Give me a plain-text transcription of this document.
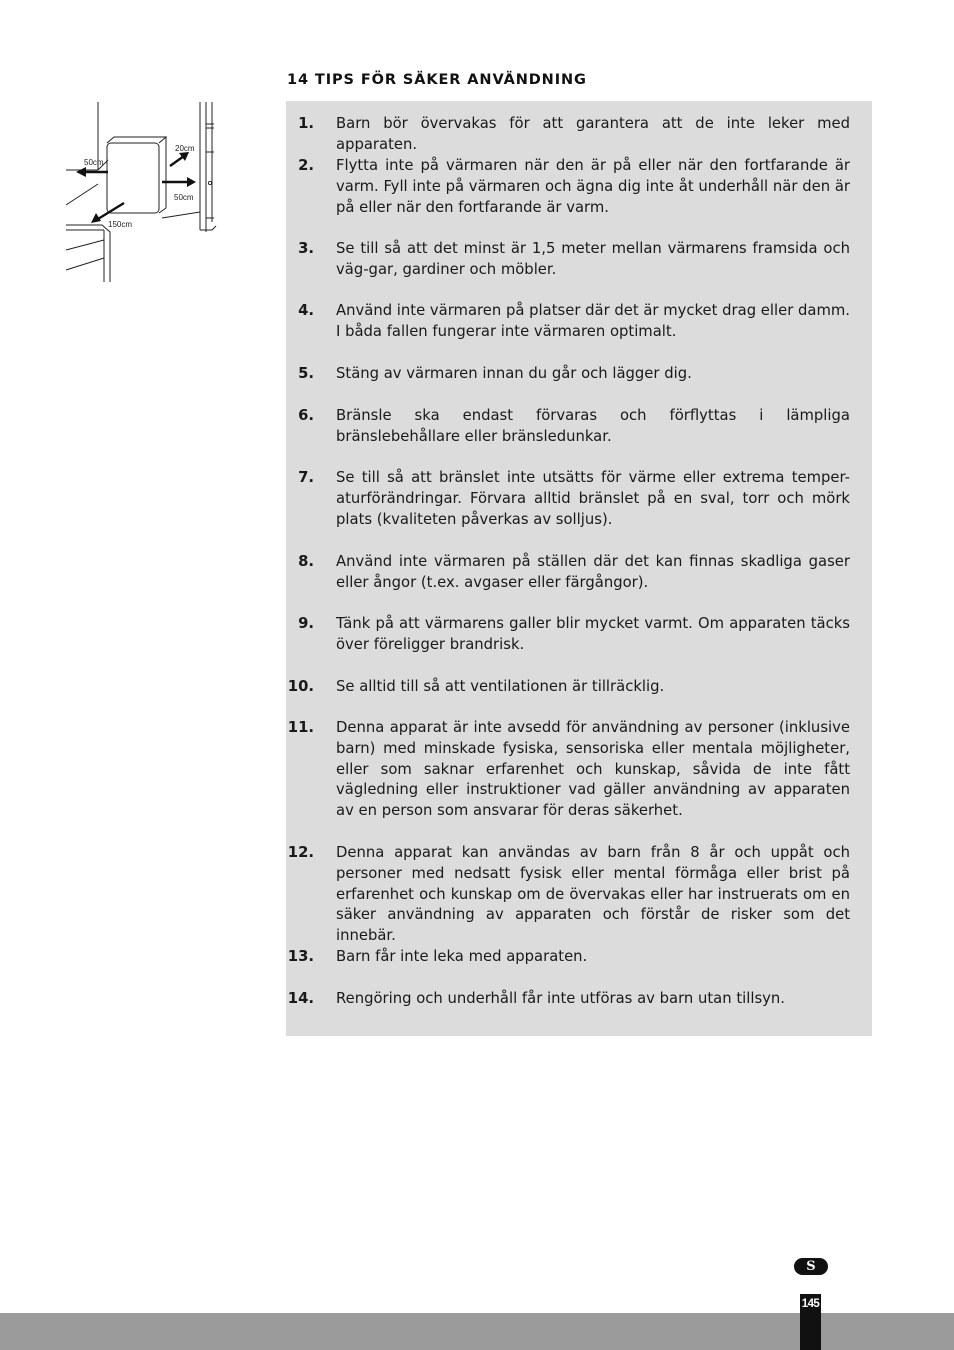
14 TIPS FÖR SÄKER ANVÄNDNING
50cm
20cm
50cm
150cm
1. Barn bör övervakas för att garantera att de inte leker med apparaten.
2. Flytta inte på värmaren när den är på eller när den fortfarande är varm. Fyll inte på värmaren och ägna dig inte åt underhåll när den är på eller när den fortfarande är varm.
3. Se till så att det minst är 1,5 meter mellan värmarens framsida och väg-gar, gardiner och möbler.
4. Använd inte värmaren på platser där det är mycket drag eller damm. I båda fallen fungerar inte värmaren optimalt.
5. Stäng av värmaren innan du går och lägger dig.
6. Bränsle ska endast förvaras och förflyttas i lämpliga bränslebehållare eller bränsledunkar.
7. Se till så att bränslet inte utsätts för värme eller extrema temper-aturförändringar. Förvara alltid bränslet på en sval, torr och mörk plats (kvaliteten påverkas av solljus).
8. Använd inte värmaren på ställen där det kan finnas skadliga gaser eller ångor (t.ex. avgaser eller färgångor).
9. Tänk på att värmarens galler blir mycket varmt. Om apparaten täcks över föreligger brandrisk.
10. Se alltid till så att ventilationen är tillräcklig.
11. Denna apparat är inte avsedd för användning av personer (inklusive barn) med minskade fysiska, sensoriska eller mentala möjligheter, eller som saknar erfarenhet och kunskap, såvida de inte fått vägledning eller instruktioner vad gäller användning av apparaten av en person som ansvarar för deras säkerhet.
12. Denna apparat kan användas av barn från 8 år och uppåt och personer med nedsatt fysisk eller mental förmåga eller brist på erfarenhet och kunskap om de övervakas eller har instruerats om en säker användning av apparaten och förstår de risker som det innebär.
13. Barn får inte leka med apparaten.
14. Rengöring och underhåll får inte utföras av barn utan tillsyn.
S
145
